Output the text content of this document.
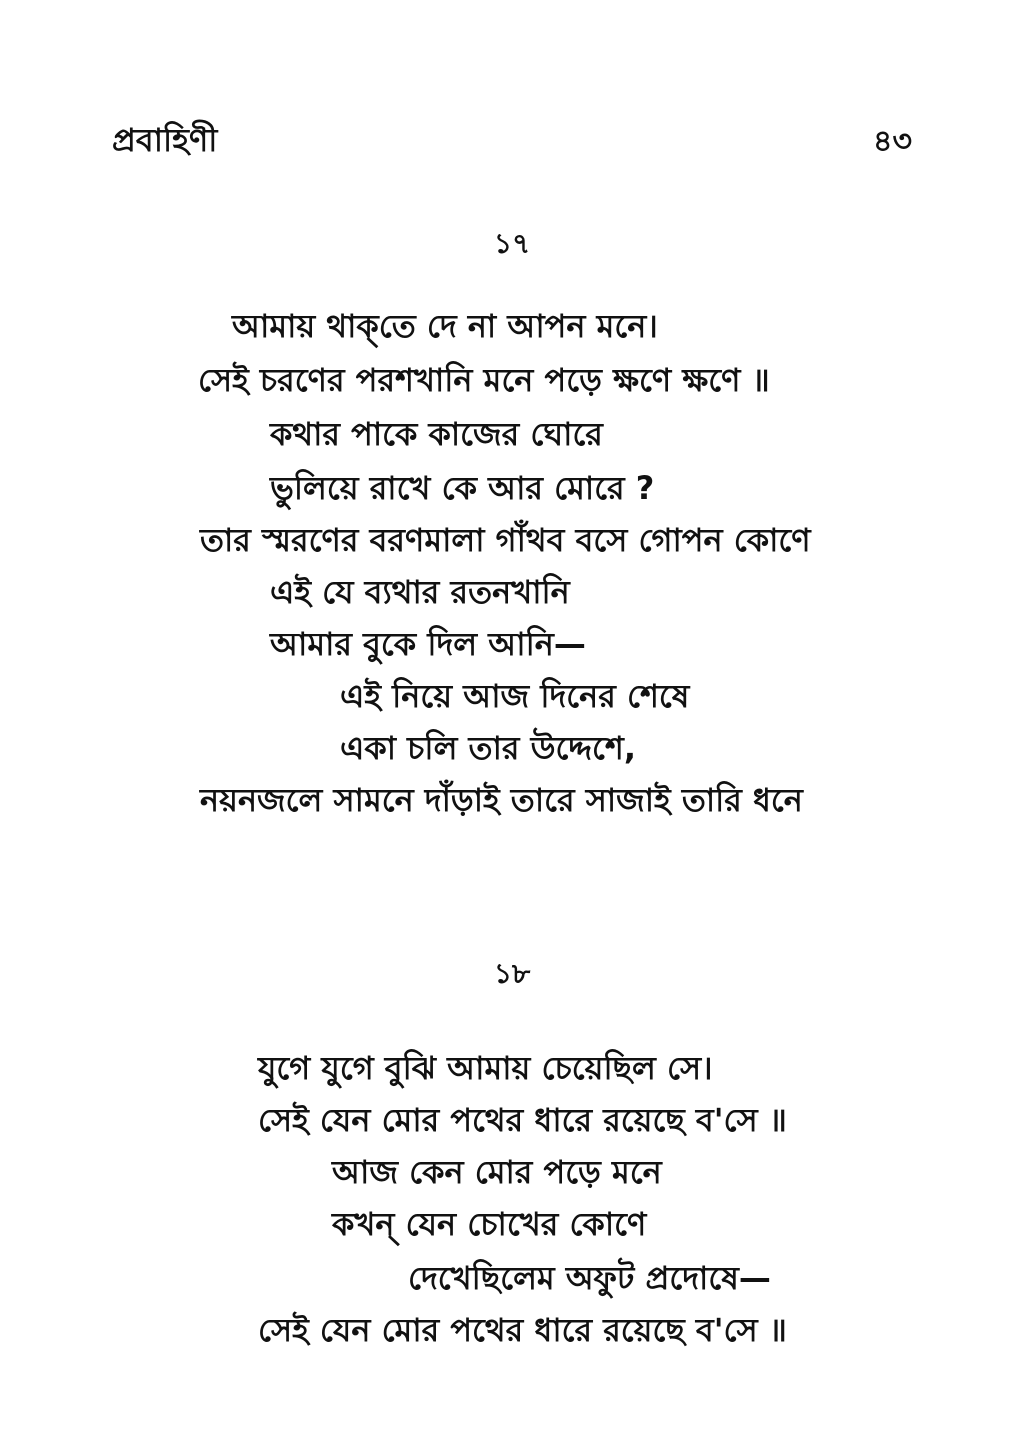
প্রবাহিণী	৪৩
১৭
আমায় থাক্‌তে দে না আপন মনে।
সেই চরণের পরশখানি মনে পড়ে ক্ষণে ক্ষণে ॥
কথার পাকে কাজের ঘোরে
ভুলিয়ে রাখে কে আর মোরে ?
তার স্মরণের বরণমালা গাঁথব বসে গোপন কোণে
এই যে ব্যথার রতনখানি
আমার বুকে দিল আনি—
এই নিয়ে আজ দিনের শেষে
একা চলি তার উদ্দেশে,
নয়নজলে সামনে দাঁড়াই তারে সাজাই তারি ধনে
১৮
যুগে যুগে বুঝি আমায় চেয়েছিল সে।
সেই যেন মোর পথের ধারে রয়েছে ব'সে ॥
আজ কেন মোর পড়ে মনে
কখন্‌ যেন চোখের কোণে
দেখেছিলেম অফুট প্রদোষে—
সেই যেন মোর পথের ধারে রয়েছে ব'সে ॥
